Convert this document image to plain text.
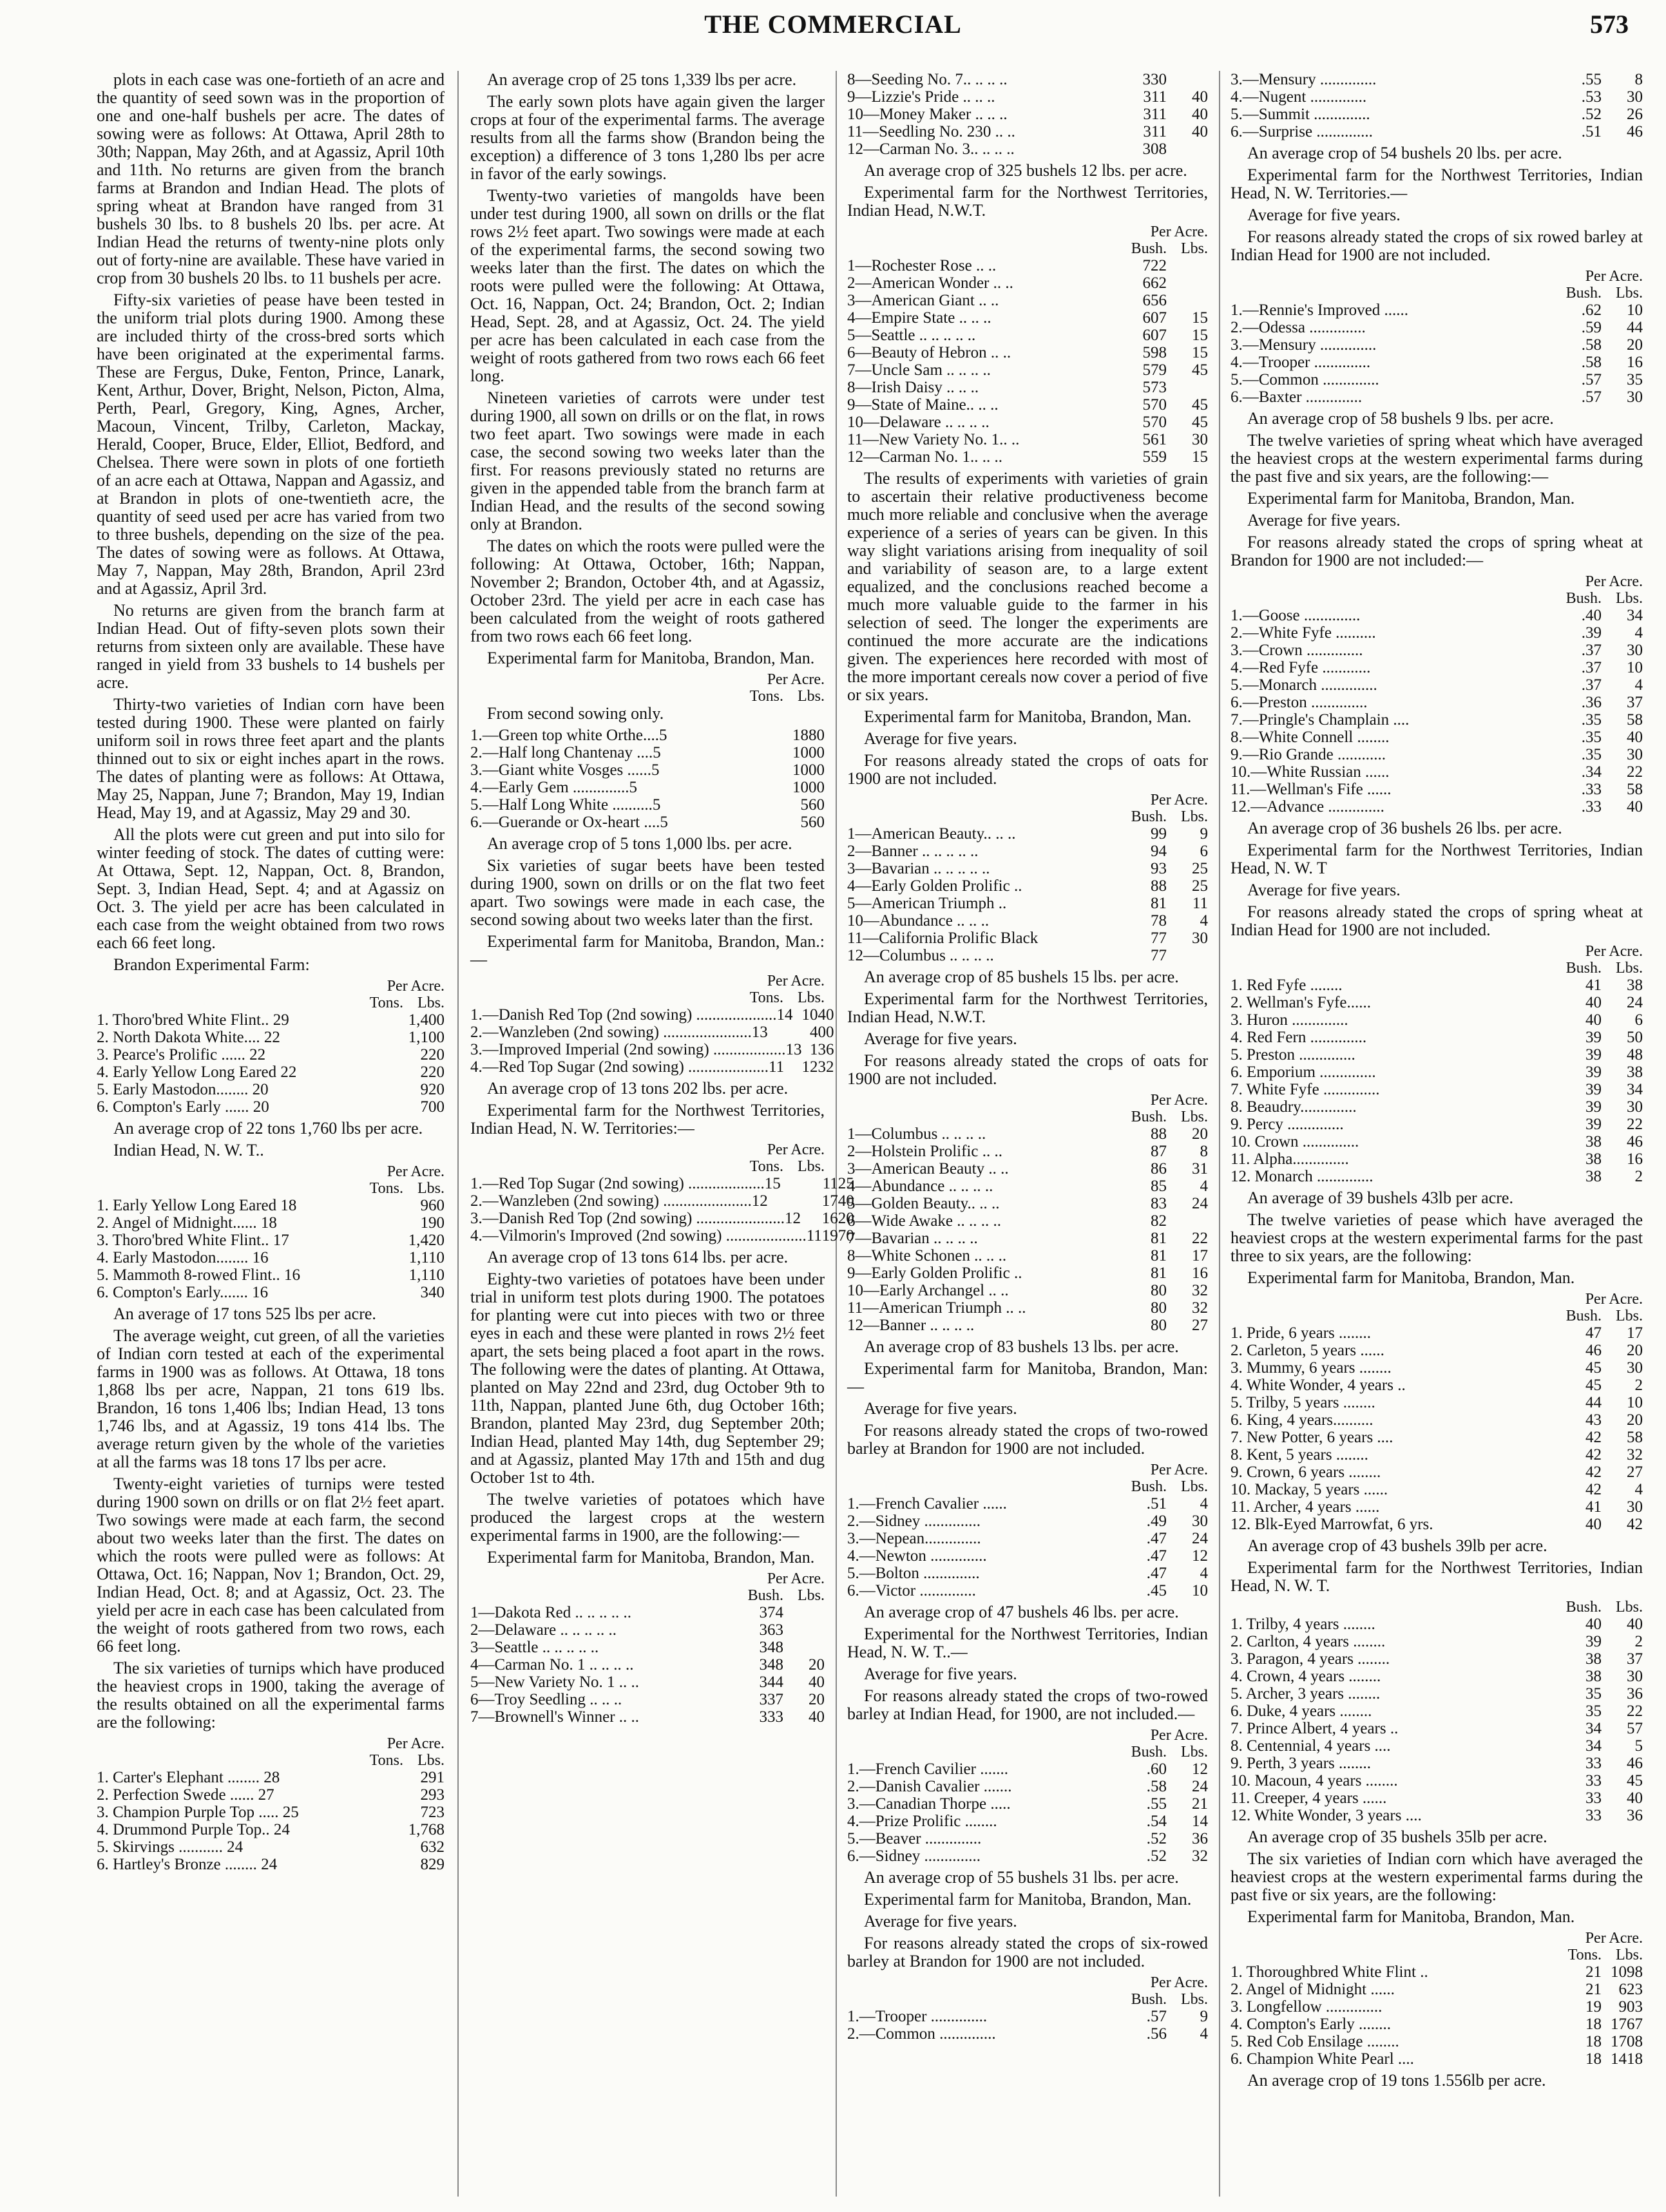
THE COMMERCIAL	573

plots in each case was one-fortieth of an acre and the quantity of seed sown was in the proportion of one and one-half bushels per acre. The dates of sowing were as follows: At Ottawa, April 28th to 30th; Nappan, May 26th, and at Agassiz, April 10th and 11th. No returns are given from the branch farms at Brandon and Indian Head. The plots of spring wheat at Brandon have ranged from 31 bushels 30 lbs. to 8 bushels 20 lbs. per acre. At Indian Head the returns of twenty-nine plots only out of forty-nine are available. These have varied in crop from 30 bushels 20 lbs. to 11 bushels per acre.

Fifty-six varieties of pease have been tested in the uniform trial plots during 1900. Among these are included thirty of the cross-bred sorts which have been originated at the experimental farms. These are Fergus, Duke, Fenton, Prince, Lanark, Kent, Arthur, Dover, Bright, Nelson, Picton, Alma, Perth, Pearl, Gregory, King, Agnes, Archer, Macoun, Vincent, Trilby, Carleton, Mackay, Herald, Cooper, Bruce, Elder, Elliot, Bedford, and Chelsea. There were sown in plots of one fortieth of an acre each at Ottawa, Nappan and Agassiz, and at Brandon in plots of one-twentieth acre, the quantity of seed used per acre has varied from two to three bushels, depending on the size of the pea. The dates of sowing were as follows. At Ottawa, May 7, Nappan, May 28th, Brandon, April 23rd and at Agassiz, April 3rd.

No returns are given from the branch farm at Indian Head. Out of fifty-seven plots sown their returns from sixteen only are available. These have ranged in yield from 33 bushels to 14 bushels per acre.

Thirty-two varieties of Indian corn have been tested during 1900. These were planted on fairly uniform soil in rows three feet apart and the plants thinned out to six or eight inches apart in the rows. The dates of planting were as follows: At Ottawa, May 25, Nappan, June 7; Brandon, May 19, Indian Head, May 19, and at Agassiz, May 29 and 30.

All the plots were cut green and put into silo for winter feeding of stock. The dates of cutting were: At Ottawa, Sept. 12, Nappan, Oct. 8, Brandon, Sept. 3, Indian Head, Sept. 4; and at Agassiz on Oct. 3. The yield per acre has been calculated in each case from the weight obtained from two rows each 66 feet long.

Brandon Experimental Farm:

Per Acre.
Tons. Lbs.
1. Thoro'bred White Flint.. 29	1,400
2. North Dakota White.... 22	1,100
3. Pearce's Prolific ...... 22	220
4. Early Yellow Long Eared 22	220
5. Early Mastodon........ 20	920
6. Compton's Early ...... 20	700

An average crop of 22 tons 1,760 lbs per acre.

Indian Head, N. W. T..

Per Acre.
Tons. Lbs.
1. Early Yellow Long Eared 18	960
2. Angel of Midnight...... 18	190
3. Thoro'bred White Flint.. 17	1,420
4. Early Mastodon........ 16	1,110
5. Mammoth 8-rowed Flint.. 16	1,110
6. Compton's Early....... 16	340

An average of 17 tons 525 lbs per acre.

The average weight, cut green, of all the varieties of Indian corn tested at each of the experimental farms in 1900 was as follows. At Ottawa, 18 tons 1,868 lbs per acre, Nappan, 21 tons 619 lbs. Brandon, 16 tons 1,406 lbs; Indian Head, 13 tons 1,746 lbs, and at Agassiz, 19 tons 414 lbs. The average return given by the whole of the varieties at all the farms was 18 tons 17 lbs per acre.

Twenty-eight varieties of turnips were tested during 1900 sown on drills or on flat 2½ feet apart. Two sowings were made at each farm, the second about two weeks later than the first. The dates on which the roots were pulled were as follows: At Ottawa, Oct. 16; Nappan, Nov 1; Brandon, Oct. 29, Indian Head, Oct. 8; and at Agassiz, Oct. 23. The yield per acre in each case has been calculated from the weight of roots gathered from two rows, each 66 feet long.

The six varieties of turnips which have produced the heaviest crops in 1900, taking the average of the results obtained on all the experimental farms are the following:

Per Acre.
Tons. Lbs.
1. Carter's Elephant ........ 28	291
2. Perfection Swede ...... 27	293
3. Champion Purple Top ..... 25	723
4. Drummond Purple Top.. 24	1,768
5. Skirvings ........... 24	632
6. Hartley's Bronze ........ 24	829

An average crop of 25 tons 1,339 lbs per acre.

The early sown plots have again given the larger crops at four of the experimental farms. The average results from all the farms show (Brandon being the exception) a difference of 3 tons 1,280 lbs per acre in favor of the early sowings.

Twenty-two varieties of mangolds have been under test during 1900, all sown on drills or the flat rows 2½ feet apart. Two sowings were made at each of the experimental farms, the second sowing two weeks later than the first. The dates on which the roots were pulled were the following: At Ottawa, Oct. 16, Nappan, Oct. 24; Brandon, Oct. 2; Indian Head, Sept. 28, and at Agassiz, Oct. 24. The yield per acre has been calculated in each case from the weight of roots gathered from two rows each 66 feet long.

Nineteen varieties of carrots were under test during 1900, all sown on drills or on the flat, in rows two feet apart. Two sowings were made in each case, the second sowing two weeks later than the first. For reasons previously stated no returns are given in the appended table from the branch farm at Indian Head, and the results of the second sowing only at Brandon.

The dates on which the roots were pulled were the following: At Ottawa, October, 16th; Nappan, November 2; Brandon, October 4th, and at Agassiz, October 23rd. The yield per acre in each case has been calculated from the weight of roots gathered from two rows each 66 feet long.

Experimental farm for Manitoba, Brandon, Man.

Per Acre.
Tons. Lbs.

From second sowing only.

1.—Green top white Orthe....5	1880
2.—Half long Chantenay ....5	1000
3.—Giant white Vosges ......5	1000
4.—Early Gem ..............5	1000
5.—Half Long White ..........5	560
6.—Guerande or Ox-heart ....5	560

An average crop of 5 tons 1,000 lbs. per acre.

Six varieties of sugar beets have been tested during 1900, sown on drills or on the flat two feet apart. Two sowings were made in each case, the second sowing about two weeks later than the first.

Experimental farm for Manitoba, Brandon, Man.:—

Per Acre.
Tons. Lbs.
1.—Danish Red Top (2nd sowing) ....................14	1040
2.—Wanzleben (2nd sowing) ......................13	400
3.—Improved Imperial (2nd sowing) ..................13	136
4.—Red Top Sugar (2nd sowing) ....................11	1232

An average crop of 13 tons 202 lbs. per acre.

Experimental farm for the Northwest Territories, Indian Head, N. W. Territories:—

Per Acre.
Tons. Lbs.
1.—Red Top Sugar (2nd sowing) ...................15	1125
2.—Wanzleben (2nd sowing) ......................12	1740
3.—Danish Red Top (2nd sowing) ......................12	1620
4.—Vilmorin's Improved (2nd sowing) ....................11	1970

An average crop of 13 tons 614 lbs. per acre.

Eighty-two varieties of potatoes have been under trial in uniform test plots during 1900. The potatoes for planting were cut into pieces with two or three eyes in each and these were planted in rows 2½ feet apart, the sets being placed a foot apart in the rows. The following were the dates of planting. At Ottawa, planted on May 22nd and 23rd, dug October 9th to 11th, Nappan, planted June 6th, dug October 16th; Brandon, planted May 23rd, dug September 20th; Indian Head, planted May 14th, dug September 29; and at Agassiz, planted May 17th and 15th and dug October 1st to 4th.

The twelve varieties of potatoes which have produced the largest crops at the western experimental farms in 1900, are the following:—

Experimental farm for Manitoba, Brandon, Man.

Per Acre.
Bush. Lbs.
1—Dakota Red .. .. .. .. ..	374	
2—Delaware .. .. .. .. ..	363	
3—Seattle .. .. .. .. ..	348	
4—Carman No. 1 .. .. .. ..	348	20
5—New Variety No. 1 .. ..	344	40
6—Troy Seedling .. .. ..	337	20
7—Brownell's Winner .. ..	333	40
8—Seeding No. 7.. .. .. ..	330	
9—Lizzie's Pride .. .. ..	311	40
10—Money Maker .. .. ..	311	40
11—Seedling No. 230 .. ..	311	40
12—Carman No. 3.. .. .. ..	308	

An average crop of 325 bushels 12 lbs. per acre.

Experimental farm for the Northwest Territories, Indian Head, N.W.T.

Per Acre.
Bush. Lbs.
1—Rochester Rose .. ..	722	
2—American Wonder .. ..	662	
3—American Giant .. ..	656	
4—Empire State .. .. ..	607	15
5—Seattle .. .. .. .. ..	607	15
6—Beauty of Hebron .. ..	598	15
7—Uncle Sam .. .. .. ..	579	45
8—Irish Daisy .. .. ..	573	
9—State of Maine.. .. ..	570	45
10—Delaware .. .. .. ..	570	45
11—New Variety No. 1.. ..	561	30
12—Carman No. 1.. .. ..	559	15

The results of experiments with varieties of grain to ascertain their relative productiveness become much more reliable and conclusive when the average experience of a series of years can be given. In this way slight variations arising from inequality of soil and variability of season are, to a large extent equalized, and the conclusions reached become a much more valuable guide to the farmer in his selection of seed. The longer the experiments are continued the more accurate are the indications given. The experiences here recorded with most of the more important cereals now cover a period of five or six years.

Experimental farm for Manitoba, Brandon, Man.

Average for five years.

For reasons already stated the crops of oats for 1900 are not included.

Per Acre.
Bush. Lbs.
1—American Beauty.. .. ..	99	9
2—Banner .. .. .. .. ..	94	6
3—Bavarian .. .. .. .. ..	93	25
4—Early Golden Prolific ..	88	25
5—American Triumph ..	81	11
10—Abundance .. .. ..	78	4
11—California Prolific Black	77	30
12—Columbus .. .. .. ..	77	

An average crop of 85 bushels 15 lbs. per acre.

Experimental farm for the Northwest Territories, Indian Head, N.W.T.

Average for five years.

For reasons already stated the crops of oats for 1900 are not included.

Per Acre.
Bush. Lbs.
1—Columbus .. .. .. ..	88	20
2—Holstein Prolific .. ..	87	8
3—American Beauty .. ..	86	31
4—Abundance .. .. .. ..	85	4
5—Golden Beauty.. .. ..	83	24
6—Wide Awake .. .. .. ..	82	
7—Bavarian .. .. .. ..	81	22
8—White Schonen .. .. ..	81	17
9—Early Golden Prolific ..	81	16
10—Early Archangel .. ..	80	32
11—American Triumph .. ..	80	32
12—Banner .. .. .. ..	80	27

An average crop of 83 bushels 13 lbs. per acre.

Experimental farm for Manitoba, Brandon, Man:—

Average for five years.

For reasons already stated the crops of two-rowed barley at Brandon for 1900 are not included.

Per Acre.
Bush. Lbs.
1.—French Cavalier ......	.51	4
2.—Sidney ..............	.49	30
3.—Nepean..............	.47	24
4.—Newton ..............	.47	12
5.—Bolton ..............	.47	4
6.—Victor ..............	.45	10

An average crop of 47 bushels 46 lbs. per acre.

Experimental for the Northwest Territories, Indian Head, N. W. T..—

Average for five years.

For reasons already stated the crops of two-rowed barley at Indian Head, for 1900, are not included.—

Per Acre.
Bush. Lbs.
1.—French Cavilier .......	.60	12
2.—Danish Cavalier .......	.58	24
3.—Canadian Thorpe .....	.55	21
4.—Prize Prolific ........	.54	14
5.—Beaver ..............	.52	36
6.—Sidney ..............	.52	32

An average crop of 55 bushels 31 lbs. per acre.

Experimental farm for Manitoba, Brandon, Man.

Average for five years.

For reasons already stated the crops of six-rowed barley at Brandon for 1900 are not included.

Per Acre.
Bush. Lbs.
1.—Trooper ..............	.57	9
2.—Common ..............	.56	4
3.—Mensury ..............	.55	8
4.—Nugent ..............	.53	30
5.—Summit ..............	.52	26
6.—Surprise ..............	.51	46

An average crop of 54 bushels 20 lbs. per acre.

Experimental farm for the Northwest Territories, Indian Head, N. W. Territories.—

Average for five years.

For reasons already stated the crops of six rowed barley at Indian Head for 1900 are not included.

Per Acre.
Bush. Lbs.
1.—Rennie's Improved ......	.62	10
2.—Odessa ..............	.59	44
3.—Mensury ..............	.58	20
4.—Trooper ..............	.58	16
5.—Common ..............	.57	35
6.—Baxter ..............	.57	30

An average crop of 58 bushels 9 lbs. per acre.

The twelve varieties of spring wheat which have averaged the heaviest crops at the western experimental farms during the past five and six years, are the following:—

Experimental farm for Manitoba, Brandon, Man.

Average for five years.

For reasons already stated the crops of spring wheat at Brandon for 1900 are not included:—

Per Acre.
Bush. Lbs.
1.—Goose ..............	.40	34
2.—White Fyfe ..........	.39	4
3.—Crown ..............	.37	30
4.—Red Fyfe ............	.37	10
5.—Monarch ..............	.37	4
6.—Preston ..............	.36	37
7.—Pringle's Champlain ....	.35	58
8.—White Connell ........	.35	40
9.—Rio Grande ............	.35	30
10.—White Russian ......	.34	22
11.—Wellman's Fife ......	.33	58
12.—Advance ..............	.33	40

An average crop of 36 bushels 26 lbs. per acre.

Experimental farm for the Northwest Territories, Indian Head, N. W. T

Average for five years.

For reasons already stated the crops of spring wheat at Indian Head for 1900 are not included.

Per Acre.
Bush. Lbs.
1. Red Fyfe ........	41	38
2. Wellman's Fyfe......	40	24
3. Huron ..............	40	6
4. Red Fern ..............	39	50
5. Preston ..............	39	48
6. Emporium ..............	39	38
7. White Fyfe ..............	39	34
8. Beaudry..............	39	30
9. Percy ..............	39	22
10. Crown ..............	38	46
11. Alpha..............	38	16
12. Monarch ..............	38	2

An average of 39 bushels 43lb per acre.

The twelve varieties of pease which have averaged the heaviest crops at the western experimental farms for the past three to six years, are the following:

Experimental farm for Manitoba, Brandon, Man.

Per Acre.
Bush. Lbs.
1. Pride, 6 years ........	47	17
2. Carleton, 5 years ......	46	20
3. Mummy, 6 years ........	45	30
4. White Wonder, 4 years ..	45	2
5. Trilby, 5 years ........	44	10
6. King, 4 years..........	43	20
7. New Potter, 6 years ....	42	58
8. Kent, 5 years ........	42	32
9. Crown, 6 years ........	42	27
10. Mackay, 5 years ......	42	4
11. Archer, 4 years ......	41	30
12. Blk-Eyed Marrowfat, 6 yrs.	40	42

An average crop of 43 bushels 39lb per acre.

Experimental farm for the Northwest Territories, Indian Head, N. W. T.

Bush. Lbs.
1. Trilby, 4 years ........	40	40
2. Carlton, 4 years ........	39	2
3. Paragon, 4 years ........	38	37
4. Crown, 4 years ........	38	30
5. Archer, 3 years ........	35	36
6. Duke, 4 years ........	35	22
7. Prince Albert, 4 years ..	34	57
8. Centennial, 4 years ....	34	5
9. Perth, 3 years ........	33	46
10. Macoun, 4 years ........	33	45
11. Creeper, 4 years ......	33	40
12. White Wonder, 3 years ....	33	36

An average crop of 35 bushels 35lb per acre.

The six varieties of Indian corn which have averaged the heaviest crops at the western experimental farms during the past five or six years, are the following:

Experimental farm for Manitoba, Brandon, Man.

Per Acre.
Tons. Lbs.
1. Thoroughbred White Flint ..	21	1098
2. Angel of Midnight ......	21	623
3. Longfellow ..............	19	903
4. Compton's Early ........	18	1767
5. Red Cob Ensilage ........	18	1708
6. Champion White Pearl ....	18	1418

An average crop of 19 tons 1.556lb per acre.
